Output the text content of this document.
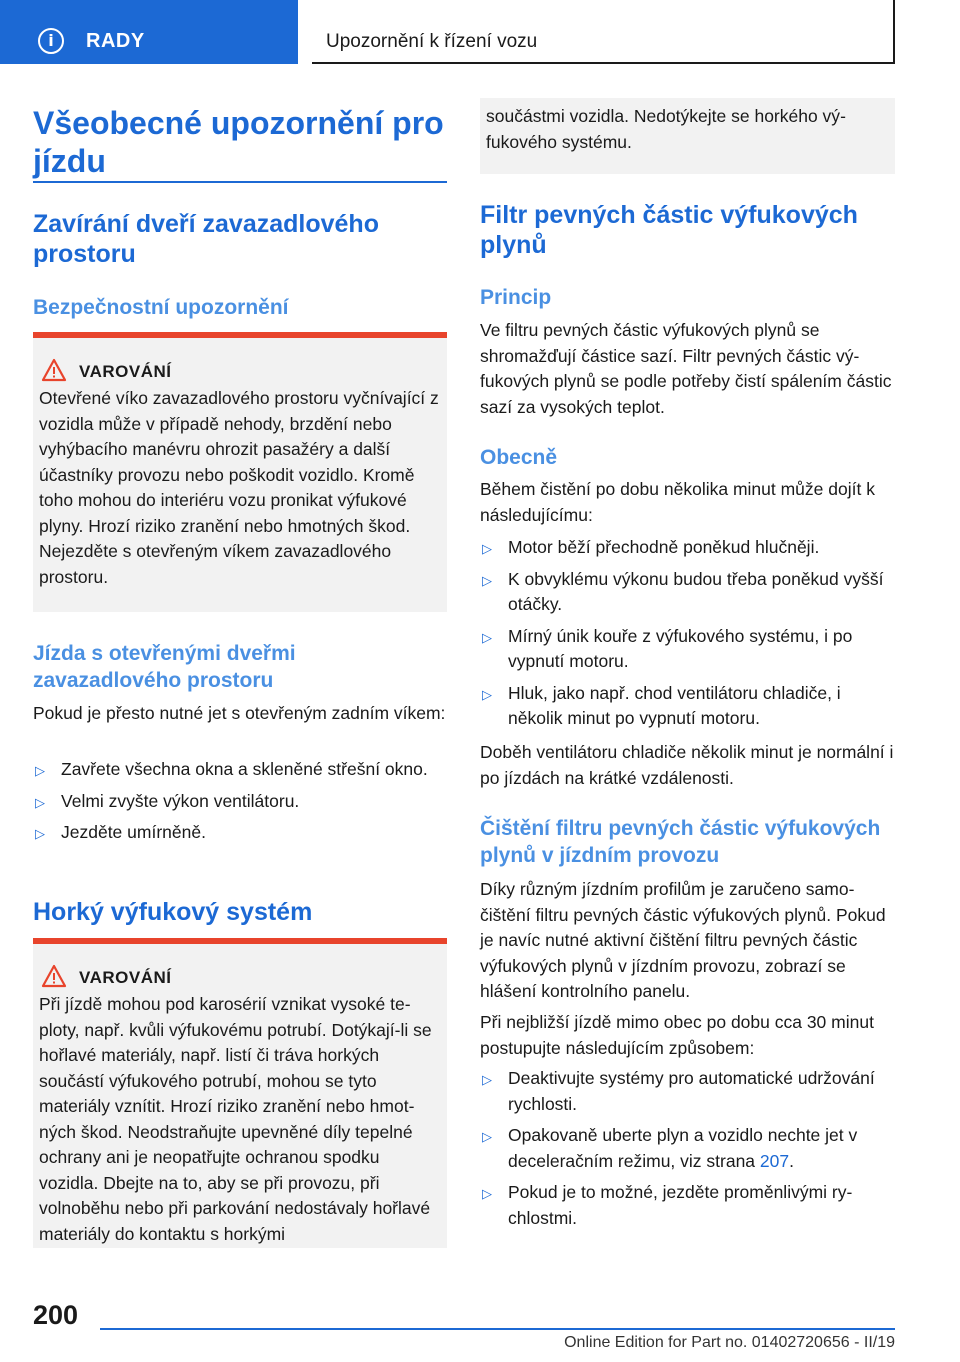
i	RADY	Upozornění k řízení vozu
Všeobecné upozornění pro jízdu
Zavírání dveří zavazadlového prostoru
Bezpečnostní upozornění
VAROVÁNÍ
Otevřené víko zavazadlového prostoru vyčnívající z vozidla může v případě nehody, brzdění nebo vyhýbacího manévru ohrozit pasažéry a další účastníky provozu nebo poškodit vozidlo. Kromě toho mohou do interiéru vozu pronikat výfukové plyny. Hrozí riziko zranění nebo hmotných škod. Nejezděte s otevřeným víkem zavazadlového prostoru.
Jízda s otevřenými dveřmi zavazadlového prostoru
Pokud je přesto nutné jet s otevřeným zadním víkem:
▷ Zavřete všechna okna a skleněné střešní okno.
▷ Velmi zvyšte výkon ventilátoru.
▷ Jezděte umírněně.
Horký výfukový systém
VAROVÁNÍ
Při jízdě mohou pod karosérií vznikat vysoké teploty, např. kvůli výfukovému potrubí. Dotýkají-li se hořlavé materiály, např. listí či tráva horkých součástí výfukového potrubí, mohou se tyto materiály vznítit. Hrozí riziko zranění nebo hmotných škod. Neodstraňujte upevněné díly tepelné ochrany ani je neopatřujte ochranou spodku vozidla. Dbejte na to, aby se při provozu, při volnoběhu nebo při parkování nedostávaly hořlavé materiály do kontaktu s horkými
součástmi vozidla. Nedotýkejte se horkého výfukového systému.
Filtr pevných částic výfukových plynů
Princip
Ve filtru pevných částic výfukových plynů se shromažďují částice sazí. Filtr pevných částic výfukových plynů se podle potřeby čistí spálením částic sazí za vysokých teplot.
Obecně
Během čistění po dobu několika minut může dojít k následujícímu:
▷ Motor běží přechodně poněkud hlučněji.
▷ K obvyklému výkonu budou třeba poněkud vyšší otáčky.
▷ Mírný únik kouře z výfukového systému, i po vypnutí motoru.
▷ Hluk, jako např. chod ventilátoru chladiče, i několik minut po vypnutí motoru.
Doběh ventilátoru chladiče několik minut je normální i po jízdách na krátké vzdálenosti.
Čištění filtru pevných částic výfukových plynů v jízdním provozu
Díky různým jízdním profilům je zaručeno samočištění filtru pevných částic výfukových plynů. Pokud je navíc nutné aktivní čištění filtru pevných částic výfukových plynů v jízdním provozu, zobrazí se hlášení kontrolního panelu.
Při nejbližší jízdě mimo obec po dobu cca 30 minut postupujte následujícím způsobem:
▷ Deaktivujte systémy pro automatické udržování rychlosti.
▷ Opakovaně uberte plyn a vozidlo nechte jet v deceleračním režimu, viz strana 207.
▷ Pokud je to možné, jezděte proměnlivými rychlostmi.
200
Online Edition for Part no. 01402720656 - II/19
